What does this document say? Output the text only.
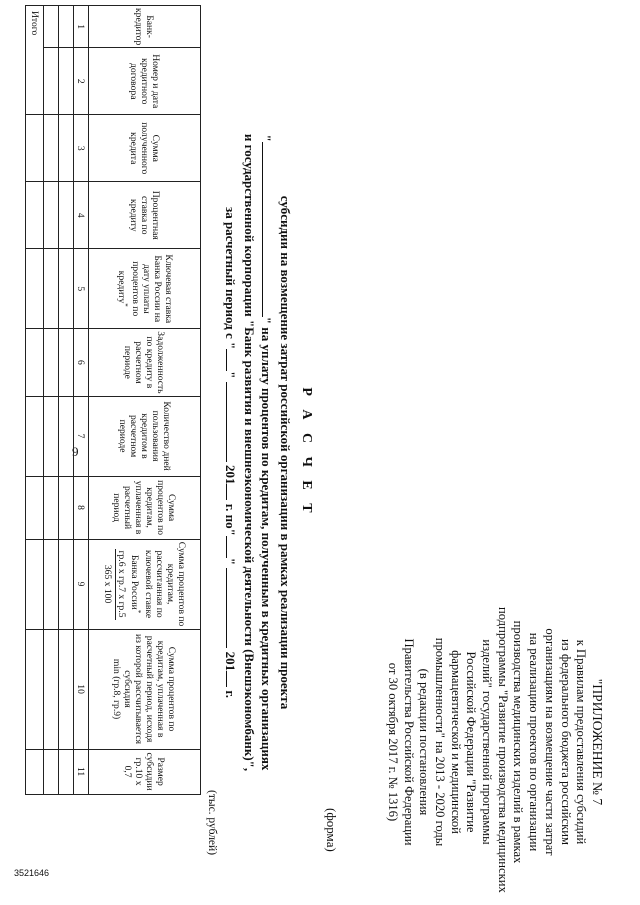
9
3521646
"ПРИЛОЖЕНИЕ № 7
к Правилам предоставления субсидий
из федерального бюджета российским
организациям на возмещение части затрат
на реализацию проектов по организации
производства медицинских изделий в рамках
подпрограммы "Развитие производства медицинских
изделий" государственной программы
Российской Федерации "Развитие
фармацевтической и медицинской
промышленности" на 2013 - 2020 годы
(в редакции постановления
Правительства Российской Федерации
от 30 октября 2017 г. № 1316)
(форма)
Р А С Ч Е Т
субсидии на возмещение затрат российской организации в рамках реализации проекта
"" на уплату процентов по кредитам, полученным в кредитных организациях
и государственной корпорации "Банк развития и внешнеэкономической деятельности (Внешэкономбанк)",
за расчетный период с ""  201 г. по""  201 г.
(тыс. рублей)
Банк-кредитор	Номер и дата кредитного договора	Сумма полученного кредита	Процентная ставка по кредиту	Ключевая ставка Банка России на дату уплаты процентов по кредиту*	Задолженность по кредиту в расчетном периоде	Количество дней пользования кредитом в расчетном периоде	Сумма процентов по кредитам, уплаченная в расчетный период	Сумма процентов по кредитам, рассчитанная по ключевой ставке Банка России*
гр.6 х гр.7 х гр.5
365 х 100	Сумма процентов по кредитам, уплаченная в расчетный период, исходя из которой рассчитывается субсидия
min (гр.8, гр.9)	Размер субсидии гр.10 х 0,7
1	2	3	4	5	6	7	8	9	10	11

Итого										
